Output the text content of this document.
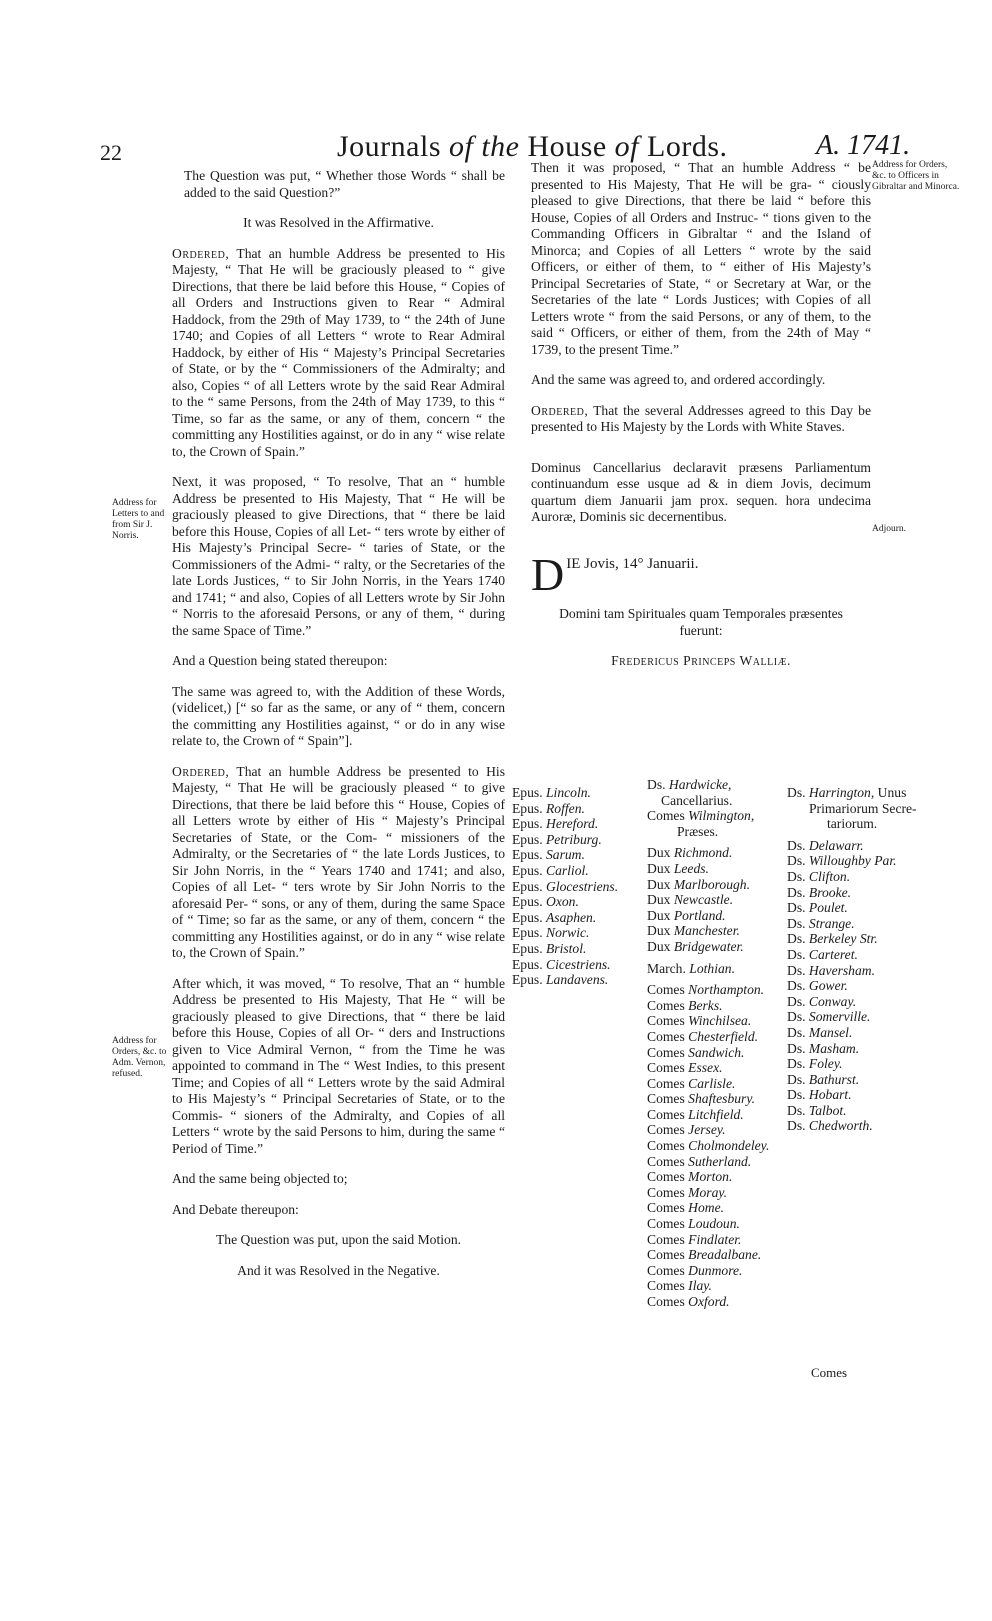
22	Journals of the House of Lords.	A. 1741.

The Question was put, “ Whether those Words “ shall be added to the said Question?”

It was Resolved in the Affirmative.

Ordered, That an humble Address be presented to His Majesty, “ That He will be graciously pleased to “ give Directions, that there be laid before this House, “ Copies of all Orders and Instructions given to Rear “ Admiral Haddock, from the 29th of May 1739, to “ the 24th of June 1740; and Copies of all Letters “ wrote to Rear Admiral Haddock, by either of His “ Majesty’s Principal Secretaries of State, or by the “ Commissioners of the Admiralty; and also, Copies “ of all Letters wrote by the said Rear Admiral to the “ same Persons, from the 24th of May 1739, to this “ Time, so far as the same, or any of them, concern “ the committing any Hostilities against, or do in any “ wise relate to, the Crown of Spain.”

Next, it was proposed, “ To resolve, That an “ humble Address be presented to His Majesty, That “ He will be graciously pleased to give Directions, that “ there be laid before this House, Copies of all Let- “ ters wrote by either of His Majesty’s Principal Secre- “ taries of State, or the Commissioners of the Admi- “ ralty, or the Secretaries of the late Lords Justices, “ to Sir John Norris, in the Years 1740 and 1741; “ and also, Copies of all Letters wrote by Sir John “ Norris to the aforesaid Persons, or any of them, “ during the same Space of Time.”

And a Question being stated thereupon:

The same was agreed to, with the Addition of these Words, (videlicet,) [“ so far as the same, or any of “ them, concern the committing any Hostilities against, “ or do in any wise relate to, the Crown of “ Spain”].

Ordered, That an humble Address be presented to His Majesty, “ That He will be graciously pleased “ to give Directions, that there be laid before this “ House, Copies of all Letters wrote by either of His “ Majesty’s Principal Secretaries of State, or the Com- “ missioners of the Admiralty, or the Secretaries of “ the late Lords Justices, to Sir John Norris, in the “ Years 1740 and 1741; and also, Copies of all Let- “ ters wrote by Sir John Norris to the aforesaid Per- “ sons, or any of them, during the same Space of “ Time; so far as the same, or any of them, concern “ the committing any Hostilities against, or do in any “ wise relate to, the Crown of Spain.”

After which, it was moved, “ To resolve, That an “ humble Address be presented to His Majesty, That He “ will be graciously pleased to give Directions, that “ there be laid before this House, Copies of all Or- “ ders and Instructions given to Vice Admiral Vernon, “ from the Time he was appointed to command in The “ West Indies, to this present Time; and Copies of all “ Letters wrote by the said Admiral to His Majesty’s “ Principal Secretaries of State, or to the Commis- “ sioners of the Admiralty, and Copies of all Letters “ wrote by the said Persons to him, during the same “ Period of Time.”

And the same being objected to;

And Debate thereupon:

The Question was put, upon the said Motion.

And it was Resolved in the Negative.

Address for Letters to and from Sir J. Norris.
Address for Orders, &c. to Adm. Vernon, refused.
Address for Orders, &c. to Officers in Gibraltar and Minorca.
Adjourn.

Then it was proposed, “ That an humble Address “ be presented to His Majesty, That He will be gra- “ ciously pleased to give Directions, that there be laid “ before this House, Copies of all Orders and Instruc- “ tions given to the Commanding Officers in Gibraltar “ and the Island of Minorca; and Copies of all Letters “ wrote by the said Officers, or either of them, to “ either of His Majesty’s Principal Secretaries of State, “ or Secretary at War, or the Secretaries of the late “ Lords Justices; with Copies of all Letters wrote “ from the said Persons, or any of them, to the said “ Officers, or either of them, from the 24th of May “ 1739, to the present Time.”

And the same was agreed to, and ordered accordingly.

Ordered, That the several Addresses agreed to this Day be presented to His Majesty by the Lords with White Staves.

Dominus Cancellarius declaravit præsens Parliamentum continuandum esse usque ad & in diem Jovis, decimum quartum diem Januarii jam prox. sequen. hora undecima Auroræ, Dominis sic decernentibus.

D IE Jovis, 14° Januarii.

Domini tam Spirituales quam Temporales præsentes fuerunt:

Fredericus Princeps Walliæ.

Epus. Lincoln.
Epus. Roffen.
Epus. Hereford.
Epus. Petriburg.
Epus. Sarum.
Epus. Carliol.
Epus. Glocestriens.
Epus. Oxon.
Epus. Asaphen.
Epus. Norwic.
Epus. Bristol.
Epus. Cicestriens.
Epus. Landavens.
Ds. Hardwicke,
Cancellarius.
Comes Wilmington,
Præses.
Dux Richmond.
Dux Leeds.
Dux Marlborough.
Dux Newcastle.
Dux Portland.
Dux Manchester.
Dux Bridgewater.
March. Lothian.
Comes Northampton.
Comes Berks.
Comes Winchilsea.
Comes Chesterfield.
Comes Sandwich.
Comes Essex.
Comes Carlisle.
Comes Shaftesbury.
Comes Litchfield.
Comes Jersey.
Comes Cholmondeley.
Comes Sutherland.
Comes Morton.
Comes Moray.
Comes Home.
Comes Loudoun.
Comes Findlater.
Comes Breadalbane.
Comes Dunmore.
Comes Ilay.
Comes Oxford.
Ds. Harrington, Unus
Primariorum Secre-
tariorum.
Ds. Delawarr.
Ds. Willoughby Par.
Ds. Clifton.
Ds. Brooke.
Ds. Poulet.
Ds. Strange.
Ds. Berkeley Str.
Ds. Carteret.
Ds. Haversham.
Ds. Gower.
Ds. Conway.
Ds. Somerville.
Ds. Mansel.
Ds. Masham.
Ds. Foley.
Ds. Bathurst.
Ds. Hobart.
Ds. Talbot.
Ds. Chedworth.
Comes
